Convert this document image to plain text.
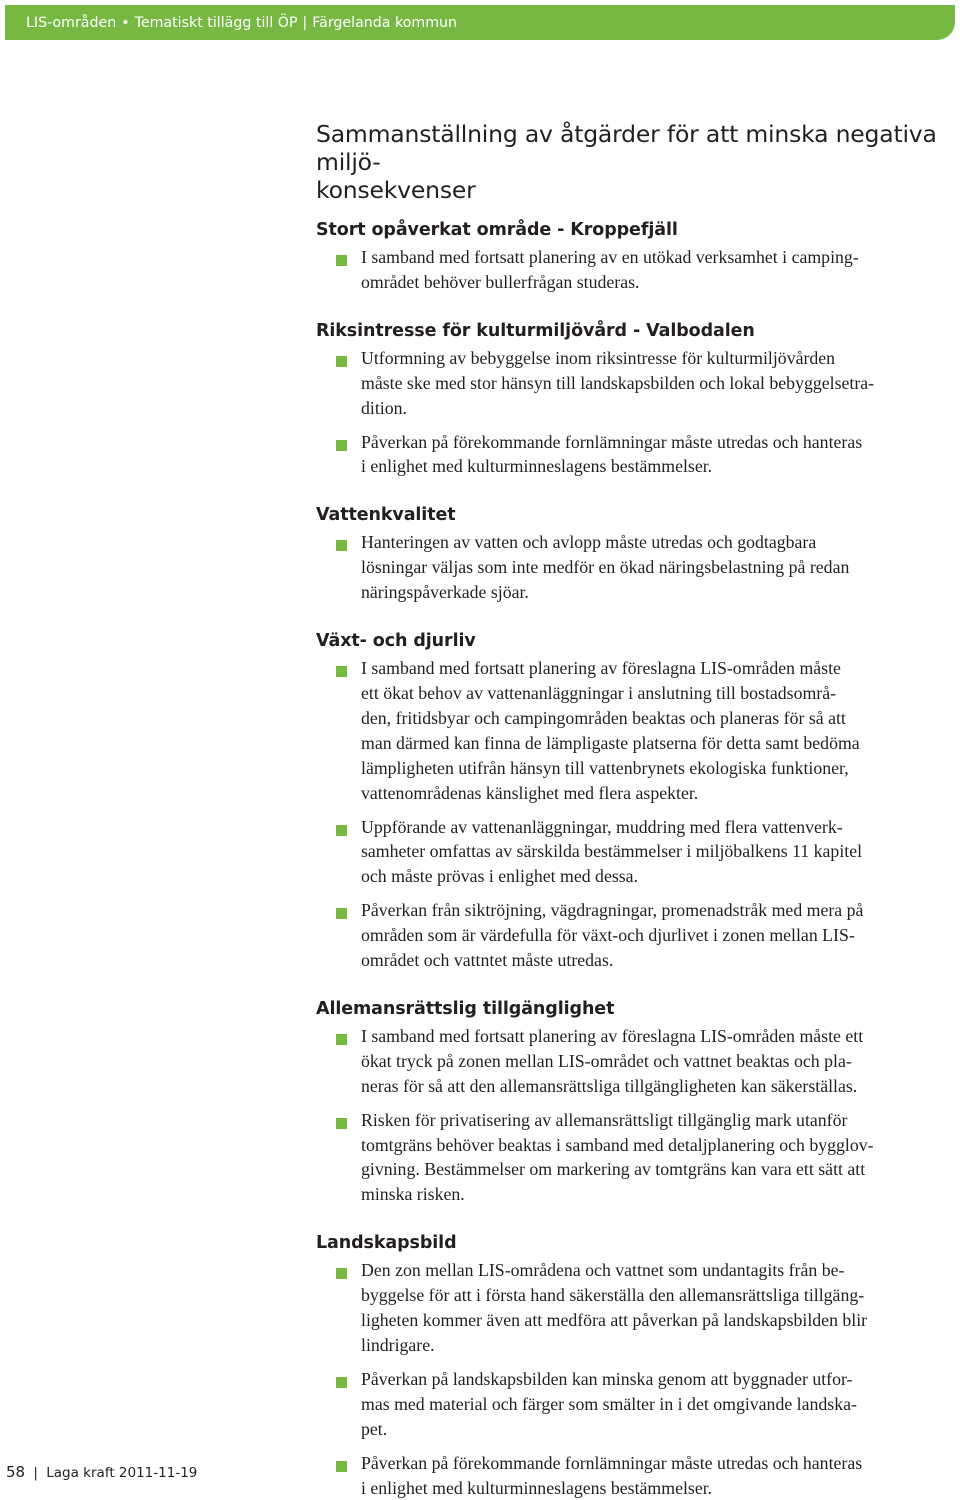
LIS-områden • Tematiskt tillägg till ÖP | Färgelanda kommun
Sammanställning av åtgärder för att minska negativa miljö-
konsekvenser
Stort opåverkat område - Kroppefjäll
I samband med fortsatt planering av en utökad verksamhet i camping-
området behöver bullerfrågan studeras.
Riksintresse för kulturmiljövård - Valbodalen
Utformning av bebyggelse inom riksintresse för kulturmiljövården
måste ske med stor hänsyn till landskapsbilden och lokal bebyggelsetra-
dition.
Påverkan på förekommande fornlämningar måste utredas och hanteras
i enlighet med kulturminneslagens bestämmelser.
Vattenkvalitet
Hanteringen av vatten och avlopp måste utredas och godtagbara
lösningar väljas som inte medför en ökad näringsbelastning på redan
näringspåverkade sjöar.
Växt- och djurliv
I samband med fortsatt planering av föreslagna LIS-områden måste
ett ökat behov av vattenanläggningar i anslutning till bostadsområ-
den, fritidsbyar och campingområden beaktas och planeras för så att
man därmed kan finna de lämpligaste platserna för detta samt bedöma
lämpligheten utifrån hänsyn till vattenbrynets ekologiska funktioner,
vattenområdenas känslighet med flera aspekter.
Uppförande av vattenanläggningar, muddring med flera vattenverk-
samheter omfattas av särskilda bestämmelser i miljöbalkens 11 kapitel
och måste prövas i enlighet med dessa.
Påverkan från siktröjning, vägdragningar, promenadstråk med mera på
områden som är värdefulla för växt-och djurlivet i zonen mellan LIS-
området och vattntet måste utredas.
Allemansrättslig tillgänglighet
I samband med fortsatt planering av föreslagna LIS-områden måste ett
ökat tryck på zonen mellan LIS-området och vattnet beaktas och pla-
neras för så att den allemansrättsliga tillgängligheten kan säkerställas.
Risken för privatisering av allemansrättsligt tillgänglig mark utanför
tomtgräns behöver beaktas i samband med detaljplanering och bygglov-
givning. Bestämmelser om markering av tomtgräns kan vara ett sätt att
minska risken.
Landskapsbild
Den zon mellan LIS-områdena och vattnet som undantagits från be-
byggelse för att i första hand säkerställa den allemansrättsliga tillgäng-
ligheten kommer även att medföra att påverkan på landskapsbilden blir
lindrigare.
Påverkan på landskapsbilden kan minska genom att byggnader utfor-
mas med material och färger som smälter in i det omgivande landska-
pet.
Påverkan på förekommande fornlämningar måste utredas och hanteras
i enlighet med kulturminneslagens bestämmelser.
58 | Laga kraft 2011-11-19
